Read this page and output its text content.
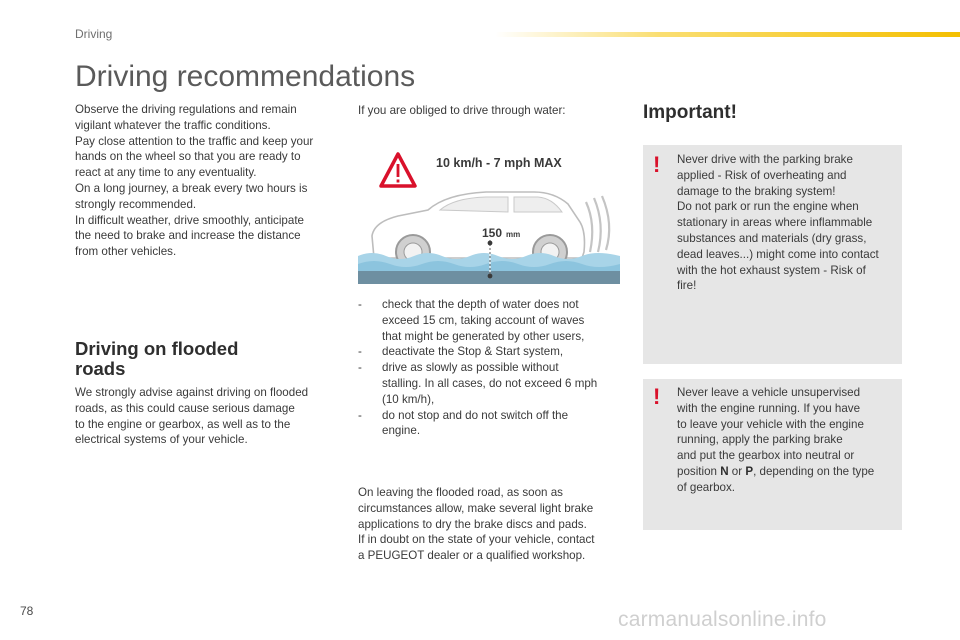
Driving
Driving recommendations

Observe the driving regulations and remain

vigilant whatever the traffic conditions.

Pay close attention to the traffic and keep your

hands on the wheel so that you are ready to

react at any time to any eventuality.

On a long journey, a break every two hours is

strongly recommended.

In difficult weather, drive smoothly, anticipate

the need to brake and increase the distance

from other vehicles.

Driving on flooded

roads

We strongly advise against driving on flooded

roads, as this could cause serious damage

to the engine or gearbox, as well as to the

electrical systems of your vehicle.

If you are obliged to drive through water:

10 km/h - 7 mph MAX
150 mm
- check that the depth of water does not
exceed 15 cm, taking account of waves
that might be generated by other users,
- deactivate the Stop & Start system,
- drive as slowly as possible without
stalling. In all cases, do not exceed 6 mph
(10 km/h),
- do not stop and do not switch off the
engine.

On leaving the flooded road, as soon as

circumstances allow, make several light brake

applications to dry the brake discs and pads.

If in doubt on the state of your vehicle, contact

a PEUGEOT dealer or a qualified workshop.

Important!
! Never drive with the parking brake

applied - Risk of overheating and

damage to the braking system!

Do not park or run the engine when

stationary in areas where inflammable

substances and materials (dry grass,

dead leaves...) might come into contact

with the hot exhaust system - Risk of

fire!

! Never leave a vehicle unsupervised

with the engine running. If you have

to leave your vehicle with the engine

running, apply the parking brake

and put the gearbox into neutral or

position N or P, depending on the type

of gearbox.

78	carmanualsonline.info
